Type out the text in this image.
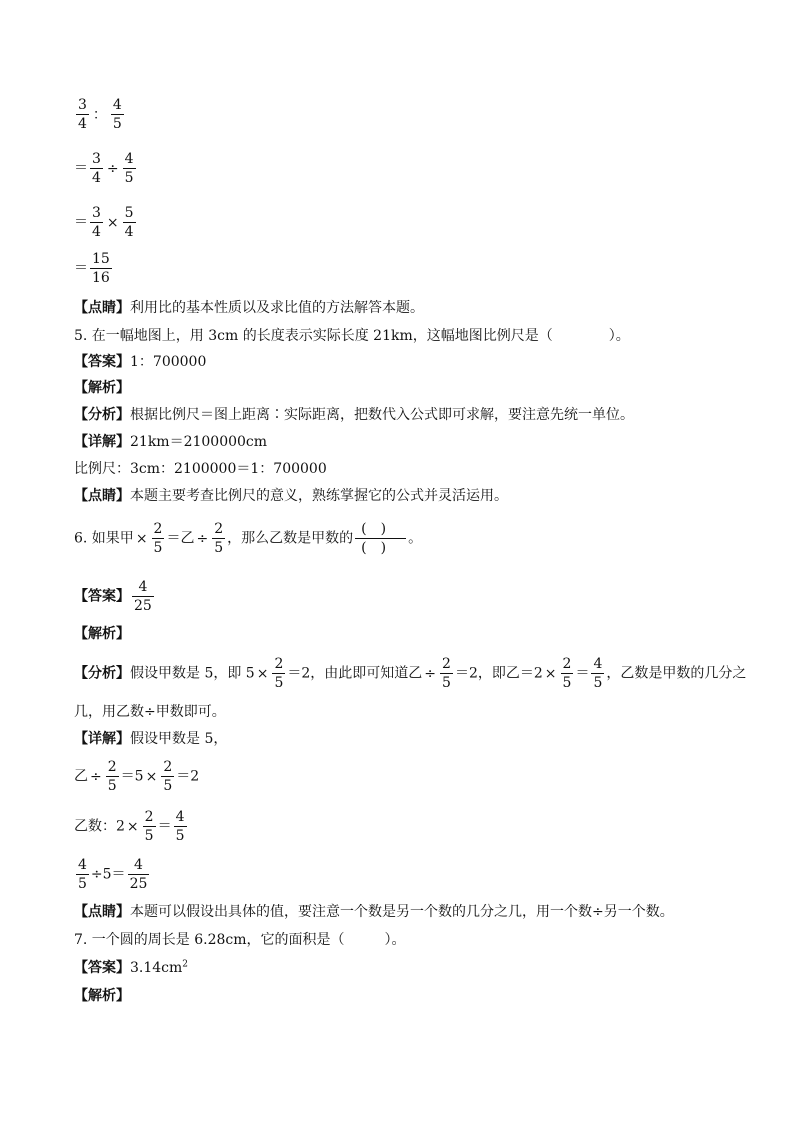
$\frac{3}{4}$ ： $\frac{4}{5}$
＝ $\frac{3}{4} \div \frac{4}{5}$
＝ $\frac{3}{4} \times \frac{5}{4}$
＝ $\frac{15}{16}$
【点睛】利用比的基本性质以及求比值的方法解答本题。
5. 在一幅地图上，用 3cm 的长度表示实际长度 21km，这幅地图比例尺是（	）。
【答案】1：700000
【解析】
【分析】根据比例尺＝图上距离∶实际距离，把数代入公式即可求解，要注意先统一单位。
【详解】21km＝2100000cm
比例尺：3cm：2100000＝1：700000
【点睛】本题主要考查比例尺的意义，熟练掌握它的公式并灵活运用。
6. 如果甲 × $\frac{2}{5}$ ＝乙 ÷ $\frac{2}{5}$ ，那么乙数是甲数的
()
()
。
【答案】 $\frac{4}{25}$
【解析】
【分析】假设甲数是 5，即 $5 \times \frac{2}{5} =2$，由此即可知道乙 ÷ $\frac{2}{5} =2$，即乙$=2 \times \frac{2}{5} = \frac{4}{5}$ ，乙数是甲数的几分之
几，用乙数÷甲数即可。
【详解】假设甲数是 5，
乙 ÷ $\frac{2}{5} =5 \times \frac{2}{5} =2$
乙数：$2 \times \frac{2}{5} = \frac{4}{5}$
$\frac{4}{5} \div 5= \frac{4}{25}$
【点睛】本题可以假设出具体的值，要注意一个数是另一个数的几分之几，用一个数÷另一个数。
7. 一个圆的周长是 6.28cm，它的面积是（	）。
【答案】$3.14cm^2$
【解析】
